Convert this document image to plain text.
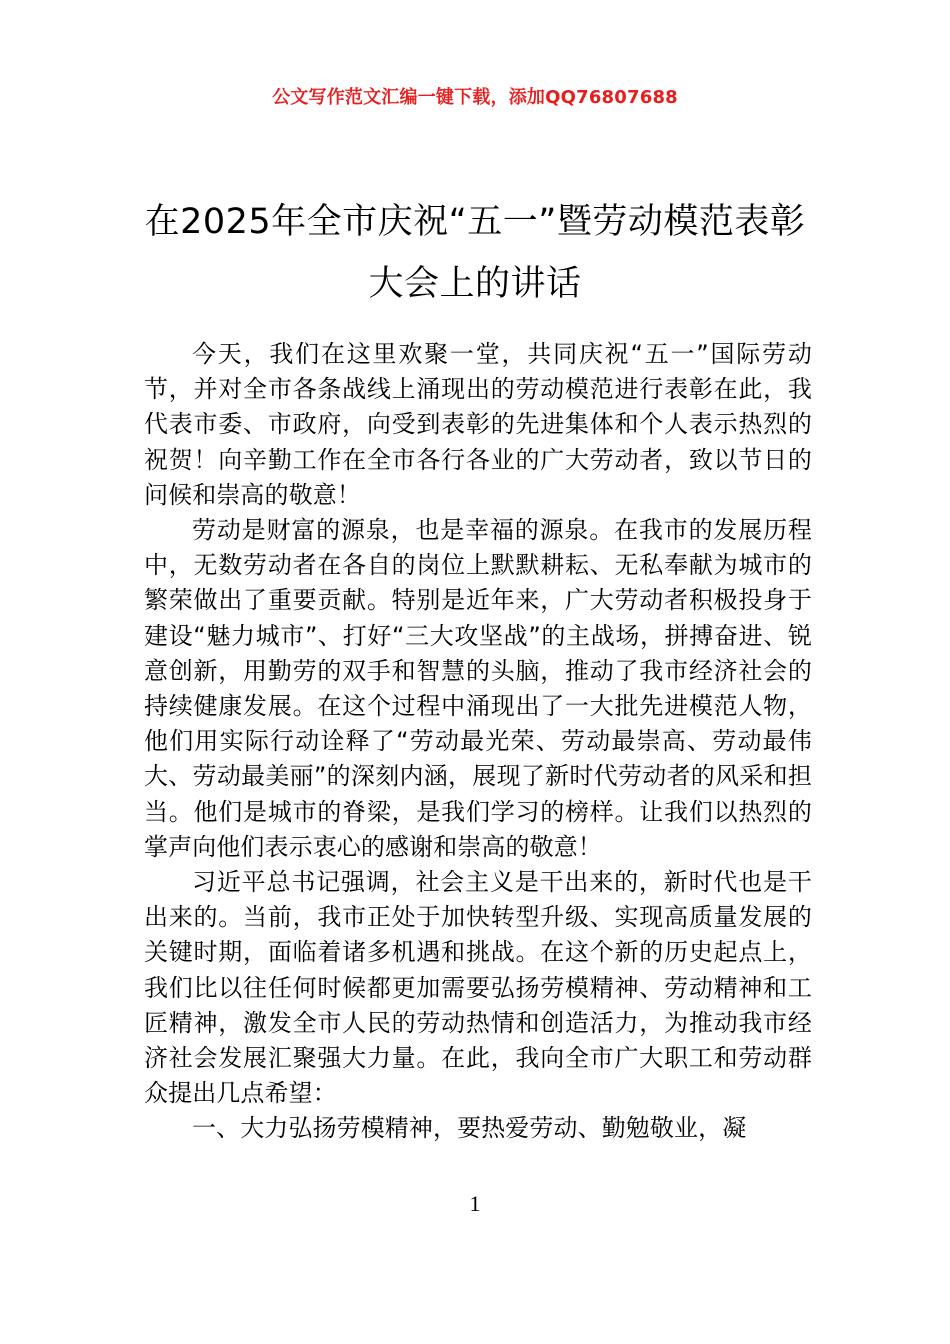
公文写作范文汇编一键下载，添加QQ76807688
在2025年全市庆祝“五一”暨劳动模范表彰大会上的讲话

今天，我们在这里欢聚一堂，共同庆祝“五一”国际劳动节，并对全市各条战线上涌现出的劳动模范进行表彰在此，我代表市委、市政府，向受到表彰的先进集体和个人表示热烈的祝贺！向辛勤工作在全市各行各业的广大劳动者，致以节日的问候和崇高的敬意！

劳动是财富的源泉，也是幸福的源泉。在我市的发展历程中，无数劳动者在各自的岗位上默默耕耘、无私奉献为城市的繁荣做出了重要贡献。特别是近年来，广大劳动者积极投身于建设“魅力城市”、打好“三大攻坚战”的主战场，拼搏奋进、锐意创新，用勤劳的双手和智慧的头脑，推动了我市经济社会的持续健康发展。在这个过程中涌现出了一大批先进模范人物，他们用实际行动诠释了“劳动最光荣、劳动最崇高、劳动最伟大、劳动最美丽”的深刻内涵，展现了新时代劳动者的风采和担当。他们是城市的脊梁，是我们学习的榜样。让我们以热烈的掌声向他们表示衷心的感谢和崇高的敬意！

习近平总书记强调，社会主义是干出来的，新时代也是干出来的。当前，我市正处于加快转型升级、实现高质量发展的关键时期，面临着诸多机遇和挑战。在这个新的历史起点上，我们比以往任何时候都更加需要弘扬劳模精神、劳动精神和工匠精神，激发全市人民的劳动热情和创造活力，为推动我市经济社会发展汇聚强大力量。在此，我向全市广大职工和劳动群众提出几点希望：

一、大力弘扬劳模精神，要热爱劳动、勤勉敬业，凝

1
